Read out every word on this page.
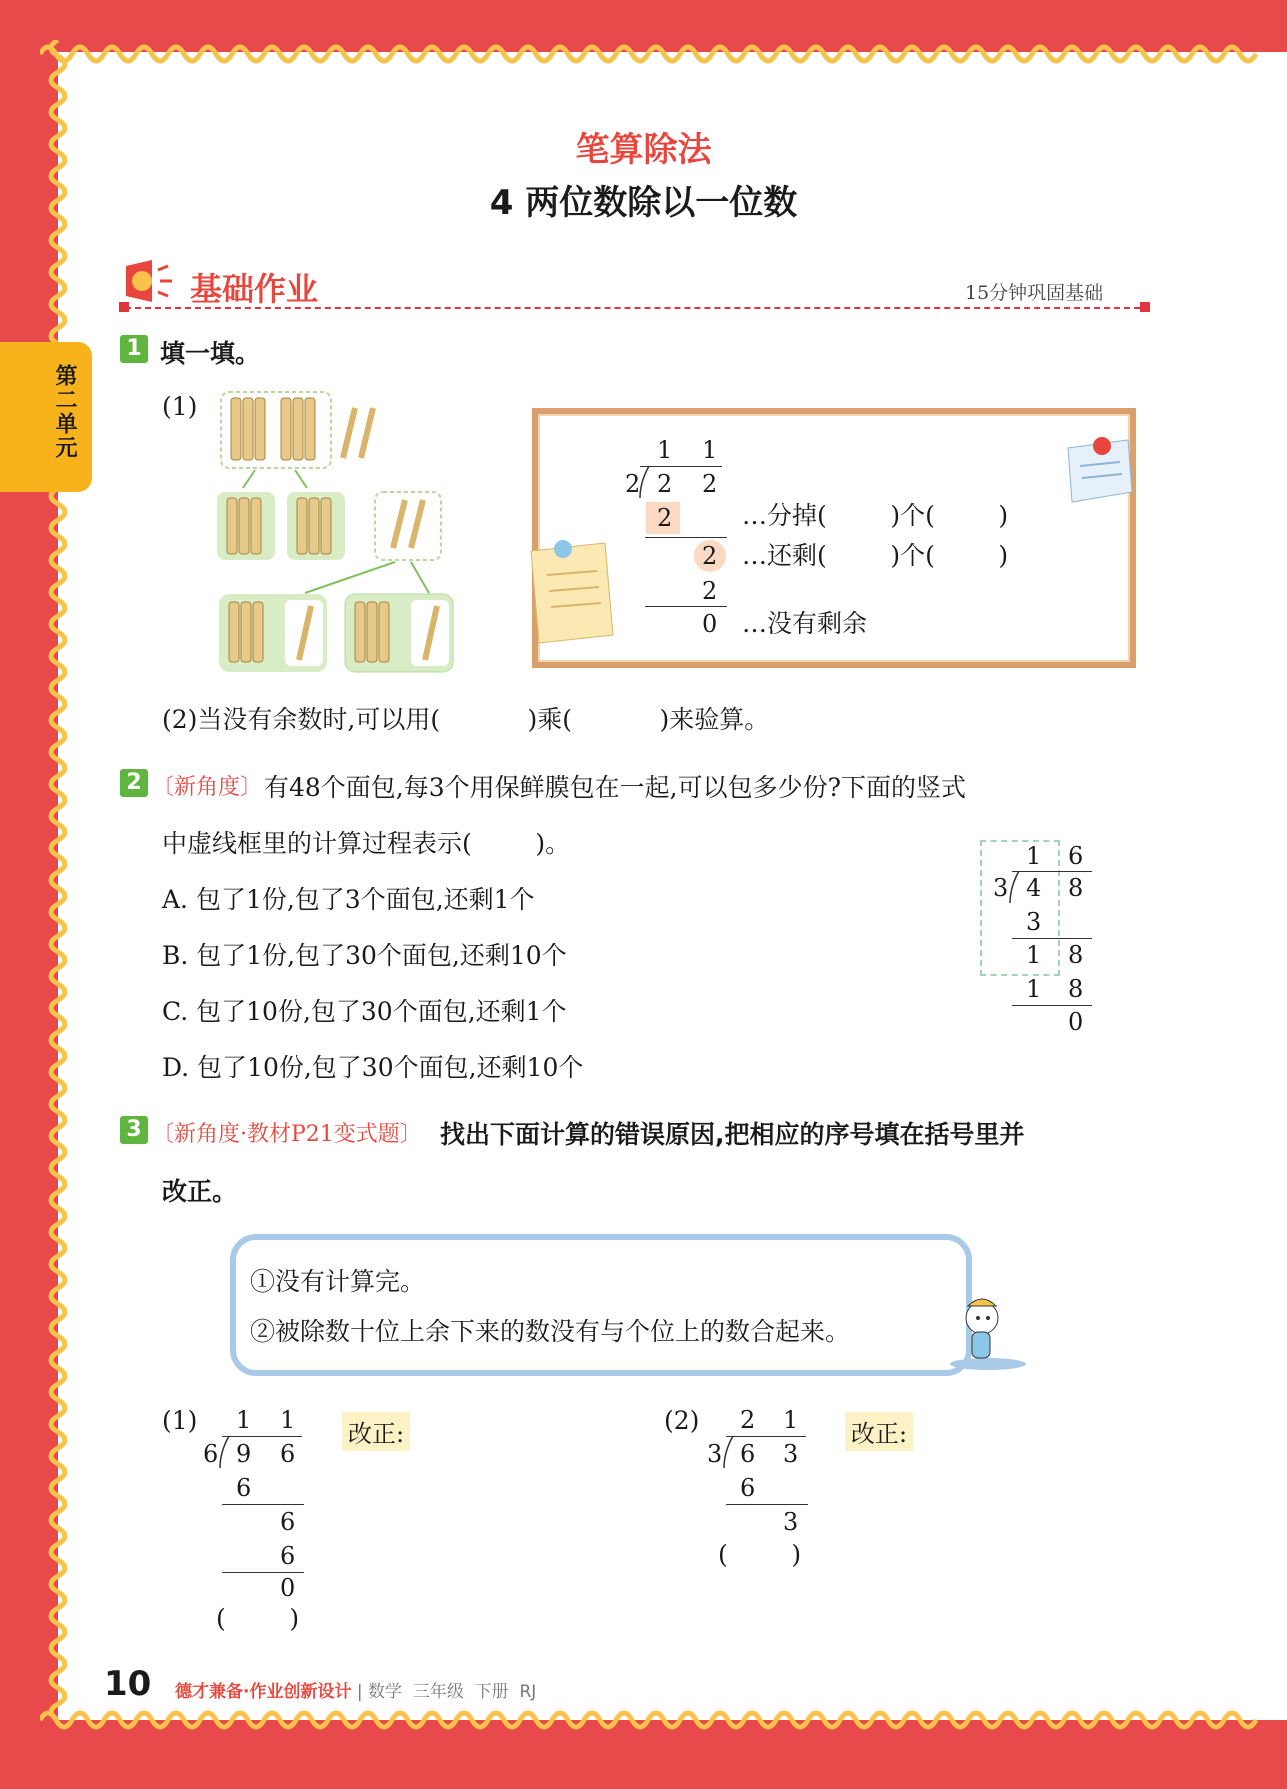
第二单元
笔算除法
4 两位数除以一位数
基础作业	15分钟巩固基础
1 填一填。
(1)
1 1
2 2 2
2
2
2
0
…分掉(        )个(        )
…还剩(        )个(        )
…没有剩余
(2)当没有余数时,可以用(           )乘(           )来验算。
2 〔新角度〕 有48个面包,每3个用保鲜膜包在一起,可以包多少份?下面的竖式
中虚线框里的计算过程表示(        )。
A. 包了1份,包了3个面包,还剩1个
B. 包了1份,包了30个面包,还剩10个
C. 包了10份,包了30个面包,还剩1个
D. 包了10份,包了30个面包,还剩10个
1 6
3 4 8
3
1 8
1 8
0
3 〔新角度·教材P21变式题〕 找出下面计算的错误原因,把相应的序号填在括号里并
改正。
①没有计算完。
②被除数十位上余下来的数没有与个位上的数合起来。
(1) 1 1
6 9 6
6
6
6
0
(        )
改正:	(2) 2 1
3 6 3
6
3
(        )
改正:
10 德才兼备·作业创新设计 | 数学  三年级  下册  RJ
